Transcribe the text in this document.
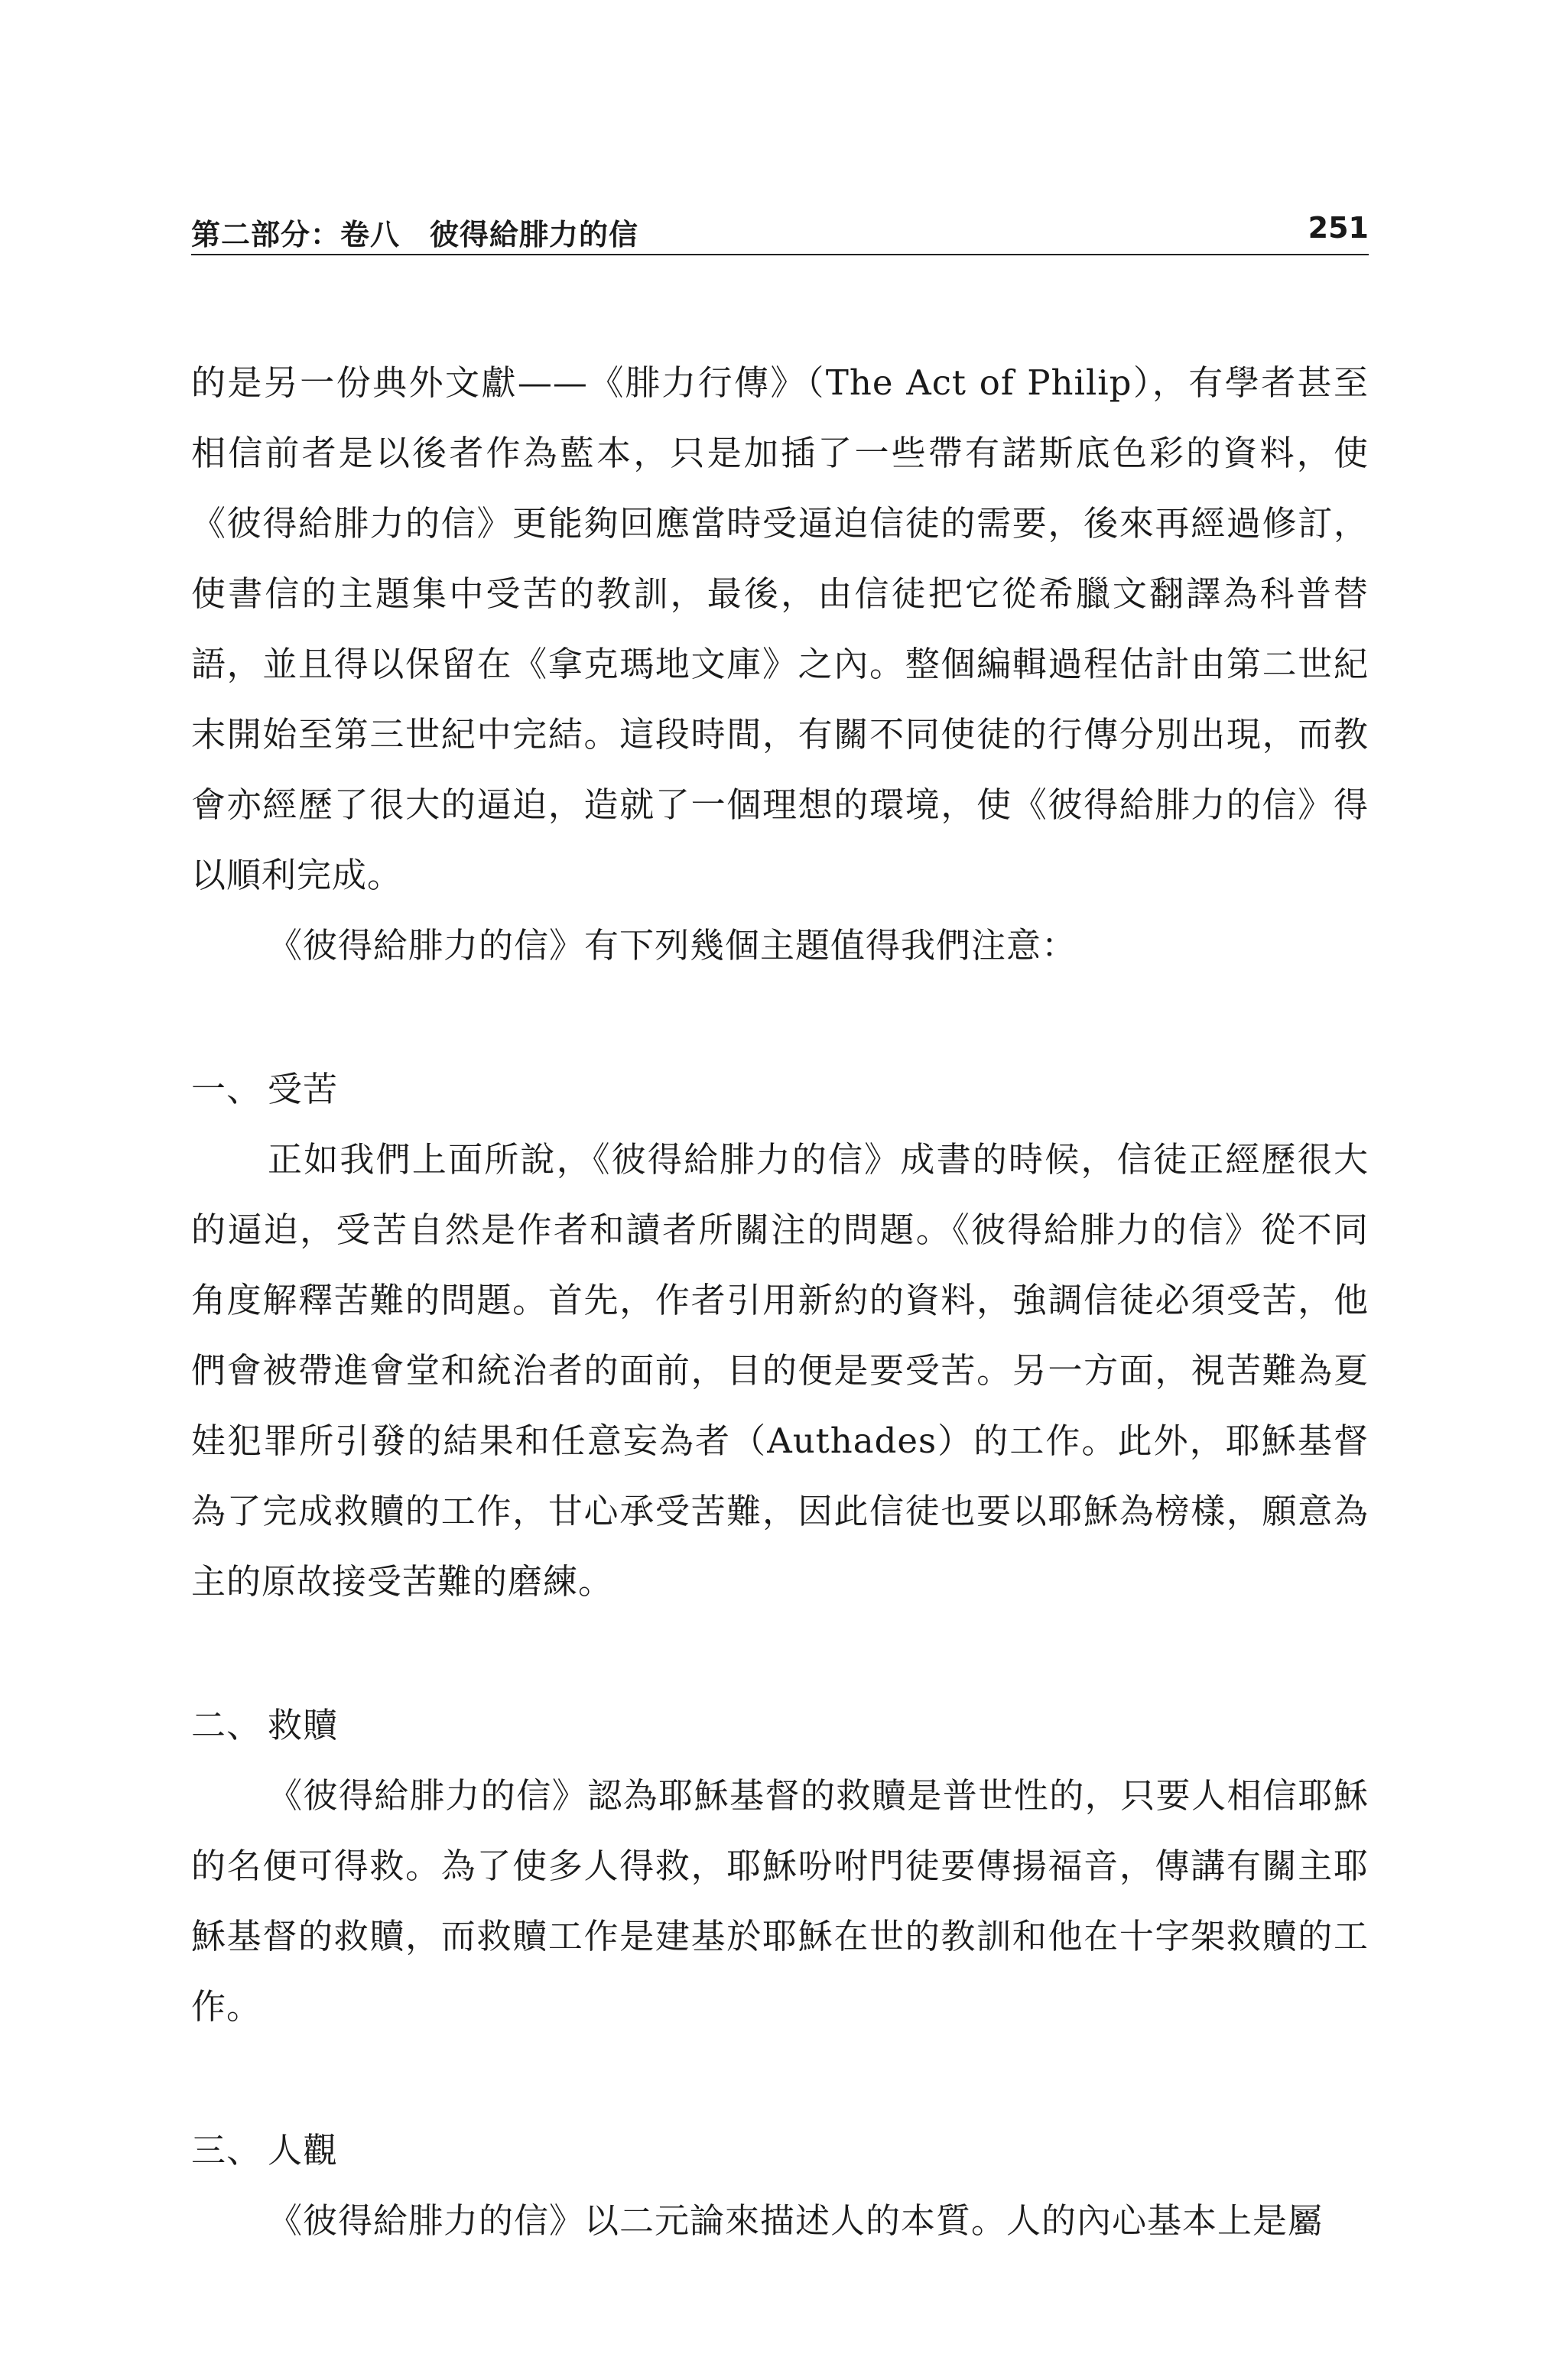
第二部分：卷八　彼得給腓力的信	251

的是另一份典外文獻——《腓力行傳》（The Act of Philip），有學者甚至相信前者是以後者作為藍本，只是加插了一些帶有諾斯底色彩的資料，使《彼得給腓力的信》更能夠回應當時受逼迫信徒的需要，後來再經過修訂，使書信的主題集中受苦的教訓，最後，由信徒把它從希臘文翻譯為科普替語，並且得以保留在《拿克瑪地文庫》之內。整個編輯過程估計由第二世紀末開始至第三世紀中完結。這段時間，有關不同使徒的行傳分別出現，而教會亦經歷了很大的逼迫，造就了一個理想的環境，使《彼得給腓力的信》得以順利完成。

《彼得給腓力的信》有下列幾個主題值得我們注意：

一、 受苦

正如我們上面所說，《彼得給腓力的信》成書的時候，信徒正經歷很大的逼迫，受苦自然是作者和讀者所關注的問題。《彼得給腓力的信》從不同角度解釋苦難的問題。首先，作者引用新約的資料，強調信徒必須受苦，他們會被帶進會堂和統治者的面前，目的便是要受苦。另一方面，視苦難為夏娃犯罪所引發的結果和任意妄為者（Authades）的工作。此外，耶穌基督為了完成救贖的工作，甘心承受苦難，因此信徒也要以耶穌為榜樣，願意為主的原故接受苦難的磨練。

二、 救贖

《彼得給腓力的信》認為耶穌基督的救贖是普世性的，只要人相信耶穌的名便可得救。為了使多人得救，耶穌吩咐門徒要傳揚福音，傳講有關主耶穌基督的救贖，而救贖工作是建基於耶穌在世的教訓和他在十字架救贖的工作。

三、 人觀

《彼得給腓力的信》以二元論來描述人的本質。人的內心基本上是屬
